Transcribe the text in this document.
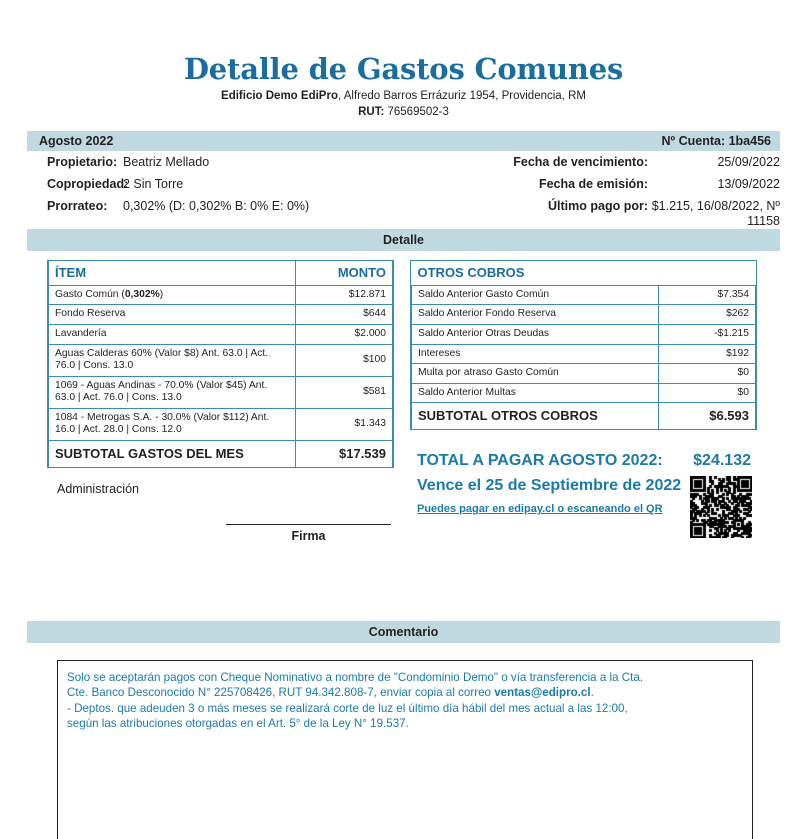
Detalle de Gastos Comunes
Edificio Demo EdiPro, Alfredo Barros Errázuriz 1954, Providencia, RM
RUT: 76569502-3
Agosto 2022	Nº Cuenta: 1ba456
Propietario: Beatriz Mellado	Fecha de vencimiento:	25/09/2022
Copropiedad:
2 Sin Torre	Fecha de emisión:	13/09/2022
Prorrateo:	0,302% (D: 0,302% B: 0% E: 0%)	Último pago por: $1.215, 16/08/2022, Nº 11158
Detalle
ÍTEM	MONTO
Gasto Común (0,302%)	$12.871
Fondo Reserva	$644
Lavandería	$2.000
Aguas Calderas 60% (Valor $8) Ant. 63.0 | Act. 76.0 | Cons. 13.0	$100
1069 - Aguas Andinas - 70.0% (Valor $45) Ant. 63.0 | Act. 76.0 | Cons. 13.0	$581
1084 - Metrogas S.A. - 30.0% (Valor $112) Ant. 16.0 | Act. 28.0 | Cons. 12.0	$1.343
SUBTOTAL GASTOS DEL MES	$17.539
OTROS COBROS	
Saldo Anterior Gasto Común	$7.354
Saldo Anterior Fondo Reserva	$262
Saldo Anterior Otras Deudas	-$1.215
Intereses	$192
Multa por atraso Gasto Común	$0
Saldo Anterior Multas	$0
SUBTOTAL OTROS COBROS	$6.593
Administración
Firma
TOTAL A PAGAR AGOSTO 2022: $24.132
Vence el 25 de Septiembre de 2022
Puedes pagar en edipay.cl o escaneando el QR
Comentario
Solo se aceptarán pagos con Cheque Nominativo a nombre de "Condominio Demo" o vía transferencia a la Cta.
Cte. Banco Desconocido N° 225708426, RUT 94.342.808-7, enviar copia al correo ventas@edipro.cl.
- Deptos. que adeuden 3 o más meses se realizará corte de luz el último día hábil del mes actual a las 12:00,
según las atribuciones otorgadas en el Art. 5° de la Ley N° 19.537.
